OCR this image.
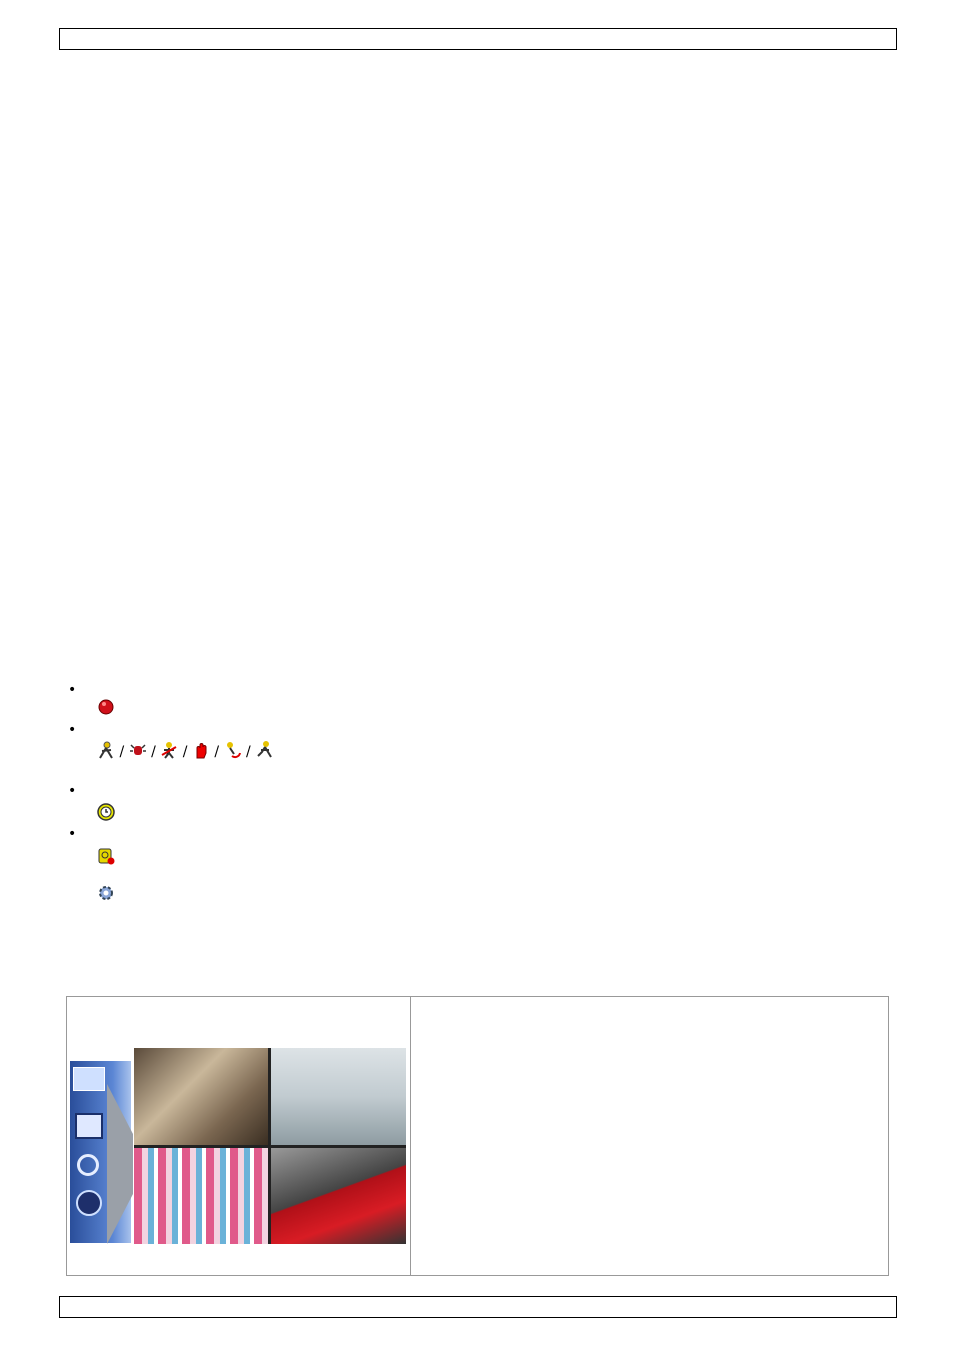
•
•
/  /  /  /  /
•
•
